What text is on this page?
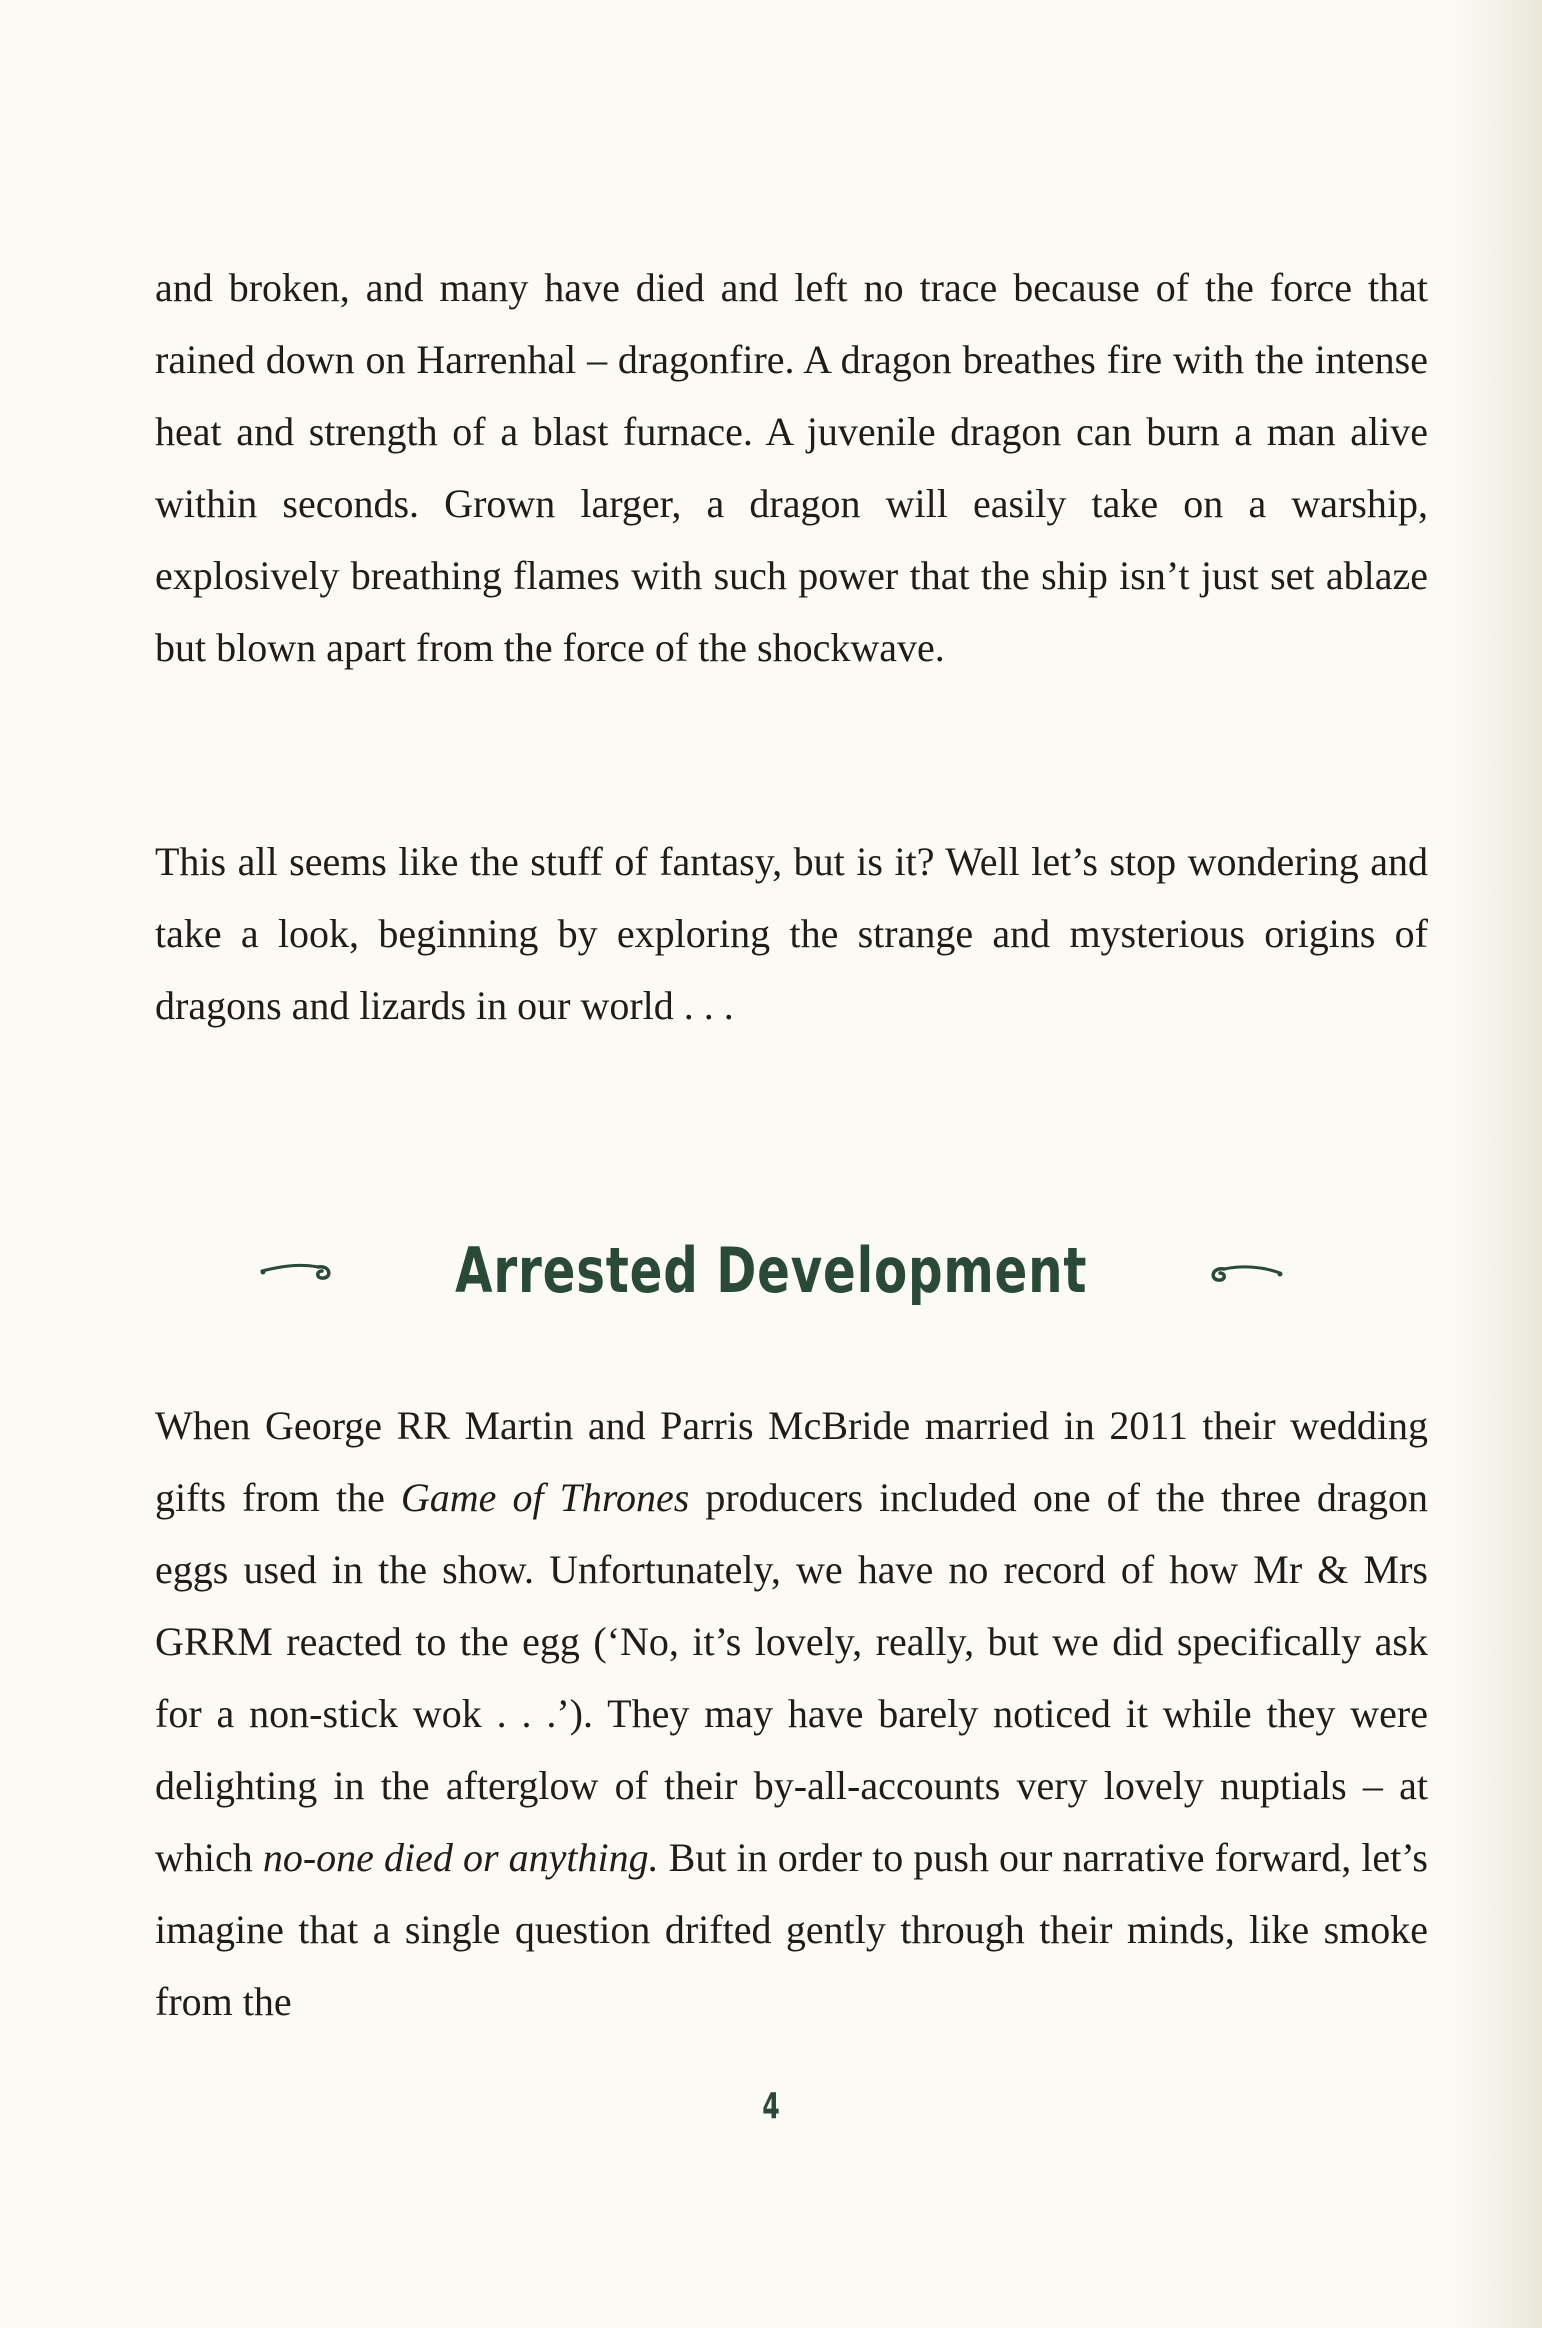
and broken, and many have died and left no trace because of the force that rained down on Harrenhal – dragonfire. A dragon breathes fire with the intense heat and strength of a blast furnace. A juvenile dragon can burn a man alive within seconds. Grown larger, a dragon will easily take on a warship, explosively breathing flames with such power that the ship isn’t just set ablaze but blown apart from the force of the shockwave.

This all seems like the stuff of fantasy, but is it? Well let’s stop wondering and take a look, beginning by exploring the strange and mysterious origins of dragons and lizards in our world . . .

Arrested Development

When George RR Martin and Parris McBride married in 2011 their wedding gifts from the Game of Thrones producers included one of the three dragon eggs used in the show. Unfortunately, we have no record of how Mr & Mrs GRRM reacted to the egg (‘No, it’s lovely, really, but we did specifically ask for a non-stick wok . . .’). They may have barely noticed it while they were delighting in the afterglow of their by-all-accounts very lovely nuptials – at which no-one died or anything. But in order to push our narrative forward, let’s imagine that a single question drifted gently through their minds, like smoke from the

4
